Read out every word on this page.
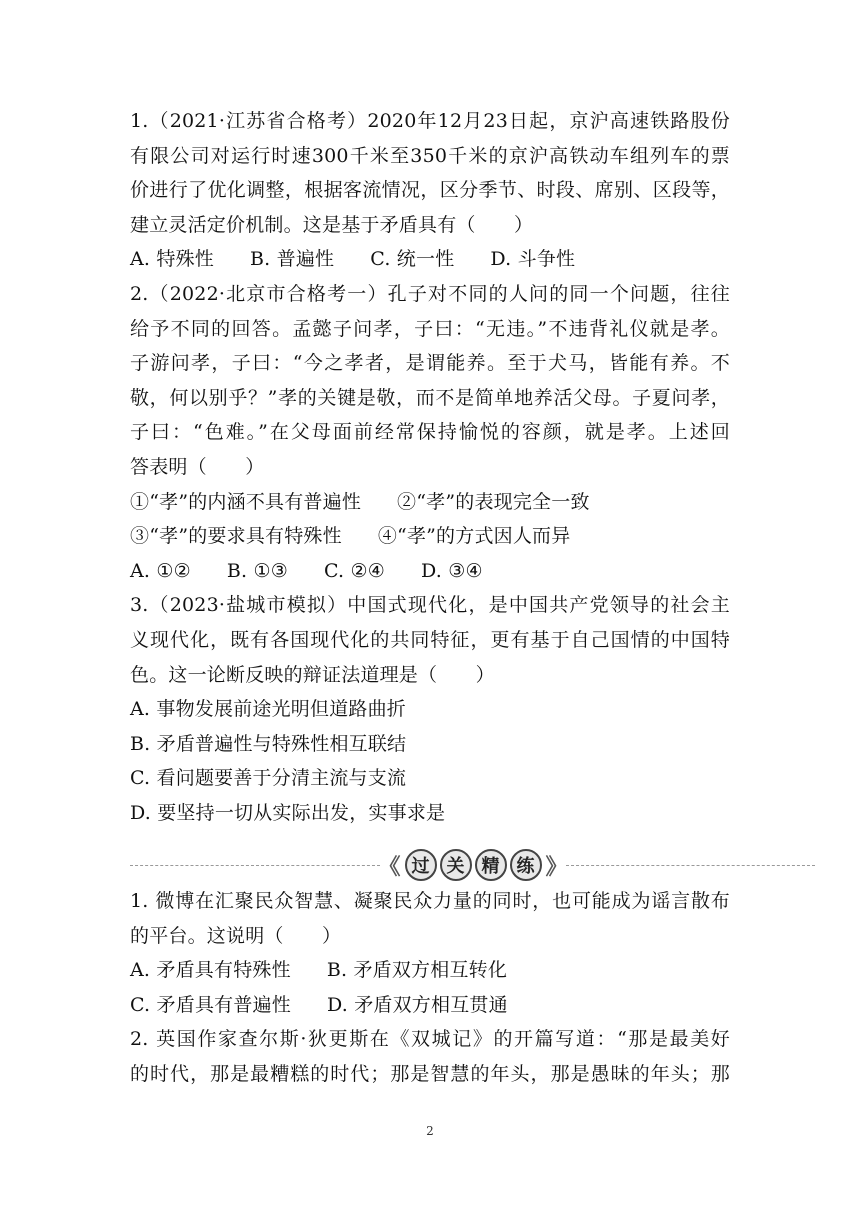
1.（2021·江苏省合格考）2020年12月23日起，京沪高速铁路股份
有限公司对运行时速300千米至350千米的京沪高铁动车组列车的票
价进行了优化调整，根据客流情况，区分季节、时段、席别、区段等，
建立灵活定价机制。这是基于矛盾具有（　　）
A. 特殊性 B. 普遍性 C. 统一性 D. 斗争性
2.（2022·北京市合格考一）孔子对不同的人问的同一个问题，往往
给予不同的回答。孟懿子问孝，子曰：“无违。”不违背礼仪就是孝。
子游问孝，子曰：“今之孝者，是谓能养。至于犬马，皆能有养。不
敬，何以别乎？”孝的关键是敬，而不是简单地养活父母。子夏问孝，
子曰：“色难。”在父母面前经常保持愉悦的容颜，就是孝。上述回
答表明（　　）
①“孝”的内涵不具有普遍性 ②“孝”的表现完全一致
③“孝”的要求具有特殊性 ④“孝”的方式因人而异
A. ①② B. ①③ C. ②④ D. ③④
3.（2023·盐城市模拟）中国式现代化，是中国共产党领导的社会主
义现代化，既有各国现代化的共同特征，更有基于自己国情的中国特
色。这一论断反映的辩证法道理是（　　）
A. 事物发展前途光明但道路曲折
B. 矛盾普遍性与特殊性相互联结
C. 看问题要善于分清主流与支流
D. 要坚持一切从实际出发，实事求是
《 过 关 精 练 》
1. 微博在汇聚民众智慧、凝聚民众力量的同时，也可能成为谣言散布
的平台。这说明（　　）
A. 矛盾具有特殊性 B. 矛盾双方相互转化
C. 矛盾具有普遍性 D. 矛盾双方相互贯通
2. 英国作家查尔斯·狄更斯在《双城记》的开篇写道：“那是最美好
的时代，那是最糟糕的时代；那是智慧的年头，那是愚昧的年头；那
2
